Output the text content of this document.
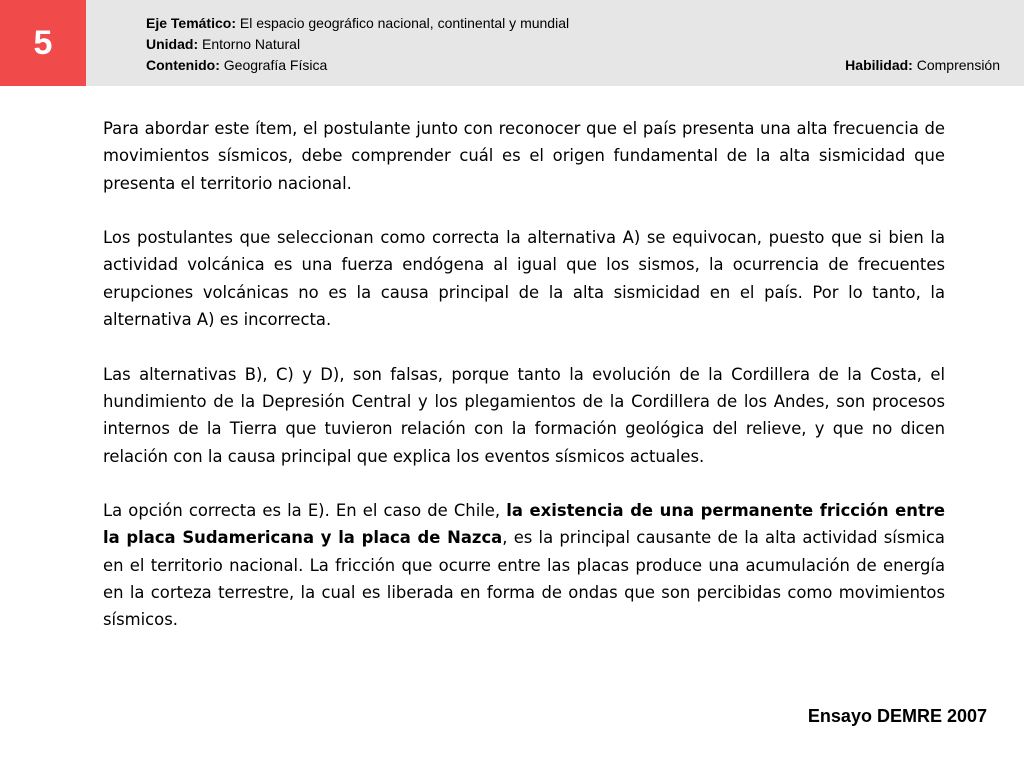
5
Eje Temático: El espacio geográfico nacional, continental y mundial
Unidad: Entorno Natural
Contenido: Geografía Física	Habilidad: Comprensión

Para abordar este ítem, el postulante junto con reconocer que el país presenta una alta frecuencia de movimientos sísmicos, debe comprender cuál es el origen fundamental de la alta sismicidad que presenta el territorio nacional.

Los postulantes que seleccionan como correcta la alternativa A) se equivocan, puesto que si bien la actividad volcánica es una fuerza endógena al igual que los sismos, la ocurrencia de frecuentes erupciones volcánicas no es la causa principal de la alta sismicidad en el país. Por lo tanto, la alternativa A) es incorrecta.

Las alternativas B), C) y D), son falsas, porque tanto la evolución de la Cordillera de la Costa, el hundimiento de la Depresión Central y los plegamientos de la Cordillera de los Andes, son procesos internos de la Tierra que tuvieron relación con la formación geológica del relieve, y que no dicen relación con la causa principal que explica los eventos sísmicos actuales.

La opción correcta es la E). En el caso de Chile, la existencia de una permanente fricción entre la placa Sudamericana y la placa de Nazca, es la principal causante de la alta actividad sísmica en el territorio nacional. La fricción que ocurre entre las placas produce una acumulación de energía en la corteza terrestre, la cual es liberada en forma de ondas que son percibidas como movimientos sísmicos.

Ensayo DEMRE 2007
